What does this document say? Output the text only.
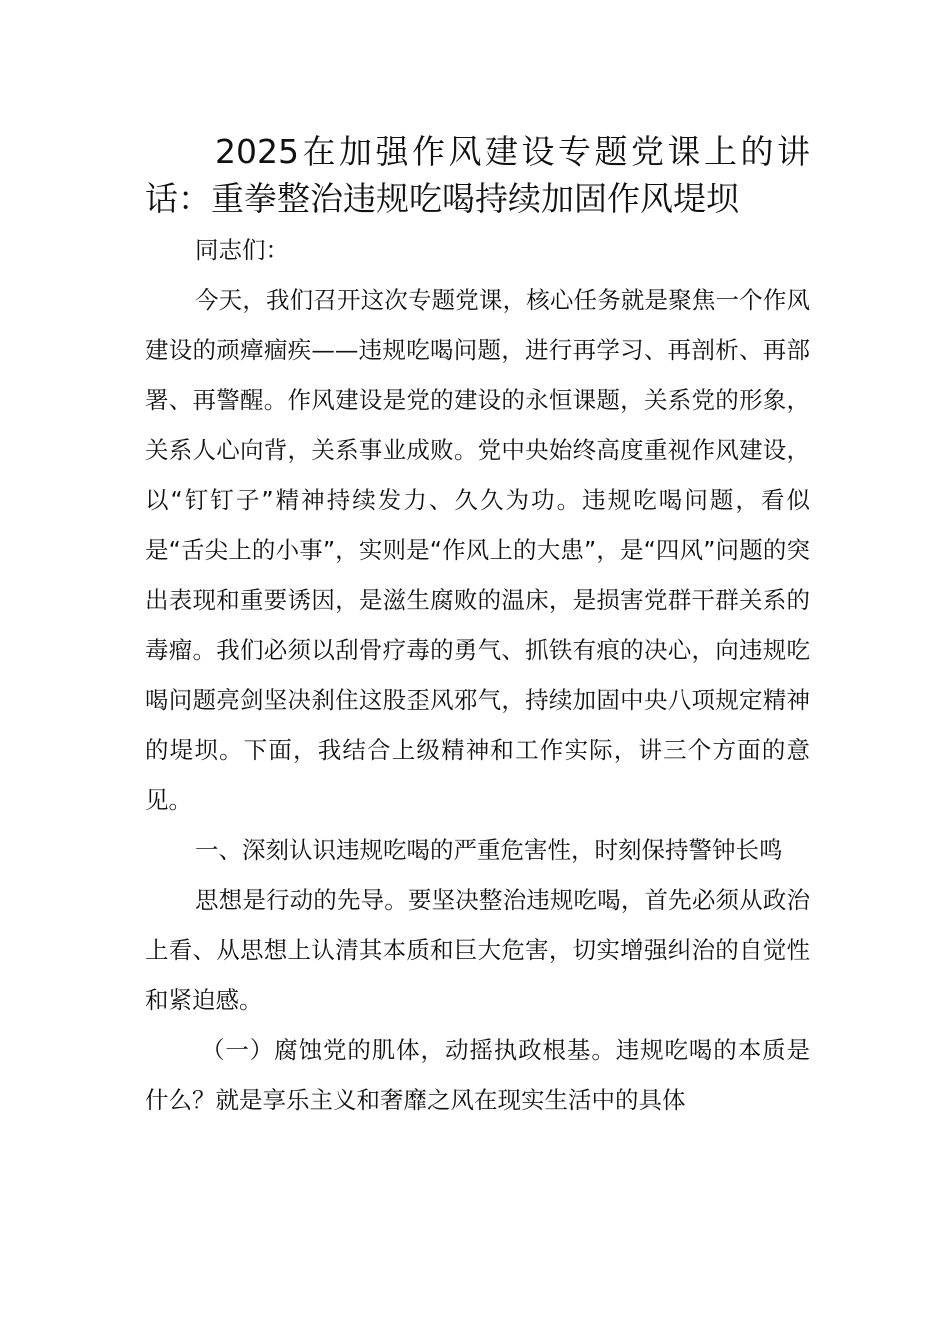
2025在加强作风建设专题党课上的讲话：重拳整治违规吃喝持续加固作风堤坝

同志们：

今天，我们召开这次专题党课，核心任务就是聚焦一个作风建设的顽瘴痼疾——违规吃喝问题，进行再学习、再剖析、再部署、再警醒。作风建设是党的建设的永恒课题，关系党的形象，关系人心向背，关系事业成败。党中央始终高度重视作风建设，以“钉钉子”精神持续发力、久久为功。违规吃喝问题，看似是“舌尖上的小事”，实则是“作风上的大患”，是“四风”问题的突出表现和重要诱因，是滋生腐败的温床，是损害党群干群关系的毒瘤。我们必须以刮骨疗毒的勇气、抓铁有痕的决心，向违规吃喝问题亮剑坚决刹住这股歪风邪气，持续加固中央八项规定精神的堤坝。下面，我结合上级精神和工作实际，讲三个方面的意见。

一、深刻认识违规吃喝的严重危害性，时刻保持警钟长鸣

思想是行动的先导。要坚决整治违规吃喝，首先必须从政治上看、从思想上认清其本质和巨大危害，切实增强纠治的自觉性和紧迫感。

（一）腐蚀党的肌体，动摇执政根基。违规吃喝的本质是什么？就是享乐主义和奢靡之风在现实生活中的具体
